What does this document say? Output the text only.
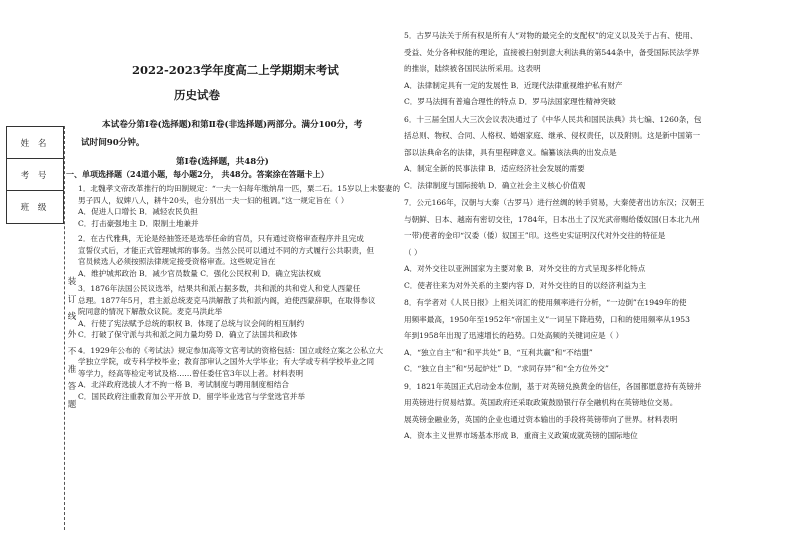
2022-2023学年度高二上学期期末考试
历史试卷
本试卷分第Ⅰ卷(选择题)和第Ⅱ卷(非选择题)两部分。满分100分，考
试时间90分钟。
第Ⅰ卷(选择题，共48分)
一、单项选择题（24道小题，每小题2分， 共48分。答案涂在答题卡上）
姓 名
考 号
班 级
装
订
线
外
不
准
答
题
1．北魏孝文帝改革推行的均田制规定：“一夫一妇每年缴纳帛一匹，粟二石。15岁以上未娶妻的
男子四人，奴婢八人，耕牛20头，也分别出一夫一妇的租调。”这一规定旨在（ ）
A．促进人口增长 B．减轻农民负担
C．打击豪强地主 D．限制土地兼并
2．在古代雅典，无论是经抽签还是选举任命的官员，只有通过资格审查程序并且完成
宣誓仪式后，才能正式管理城邦的事务。当然公民可以通过不同的方式履行公共职责，但
官员候选人必须按照法律规定接受资格审查。这些规定旨在
A．维护城邦政治 B．减少官员数量 C．强化公民权利 D．确立宪法权威
3．1876年法国公民议选举，结果共和派占据多数，共和派的共和党人和党人西蒙任
总理。1877年5月，君主派总统麦克马洪解散了共和派内阁，迫使西蒙辞职，在取得参议
院同意的情况下解散众议院。麦克马洪此举
A．行使了宪法赋予总统的职权 B．体现了总统与议会间的相互制约
C．打破了保守派与共和派之间力量均势 D．确立了法国共和政体
4．1929年公布的《考试法》规定参加高等文官考试的资格包括：国立或经立案之公私立大
学独立学院，或专科学校毕业；教育部审认之国外大学毕业；有大学或专科学校毕业之同
等学力，经高等检定考试及格……曾任委任官3年以上者。材料表明
A．北洋政府选拔人才不拘一格 B．考试制度与聘用制度相结合
C．国民政府注重教育加公平开放 D．留学毕业选官与学堂选官并举
5．古罗马法关于所有权是所有人“对物的最完全的支配权”的定义以及关于占有、使用、
受益、处分各种权能的理论，直接被扫射到意大利法典的第544条中，备受国际民法学界
的推崇，陆续被各国民法所采用。这表明
A．法律制定具有一定的发展性 B．近现代法律重视维护私有财产
C．罗马法拥有普遍合理性的特点 D．罗马法国家理性精神突破
6．十三届全国人大三次会议表决通过了《中华人民共和国民法典》共七编、1260条，包
括总则、物权、合同、人格权、婚姻家庭、继承、侵权责任，以及附则。这是新中国第一
部以法典命名的法律，具有里程碑意义。编纂该法典的出发点是
A．制定全新的民事法律 B．适应经济社会发展的需要
C．法律制度与国际接轨 D．确立社会主义核心价值观
7．公元166年，汉朝与大秦（古罗马）进行丝绸的转手贸易，大秦使者出访东汉；汉朝王
与朝鲜、日本、越南有密切交往，1784年，日本出土了汉光武帝赐给倭奴国(日本北九州
一带)使者的金印“汉委（倭）奴国王”印。这些史实证明汉代对外交往的特征是
（ ）
A．对外交往以亚洲国家为主要对象 B．对外交往的方式呈现多样化特点
C．使者往来为对外关系的主要内容 D．对外交往的目的以经济利益为主
8．有学者对《人民日报》上相关词汇的使用频率进行分析，“一边倒”在1949年的使
用频率最高，1950年至1952年“帝国主义”一词呈下降趋势，口和的使用频率从1953
年到1958年出现了迅速增长的趋势。口处高频的关键词应是（ ）
A．“独立自主”和“和平共处” B．“互利共赢”和“不结盟”
C．“独立自主”和“另起炉灶” D．“求同存异”和“全方位外交”
9．1821年英国正式启动金本位制，基于对英镑兑换黄金的信任，各国都愿意持有英镑并
用英镑进行贸易结算。英国政府还采取政策鼓励银行存全融机构在英镑地位交易。
展英镑金融业务，英国的企业也通过资本输出的手段将英镑带向了世界。材料表明
A．资本主义世界市场基本形成 B．重商主义政策成就英镑的国际地位
